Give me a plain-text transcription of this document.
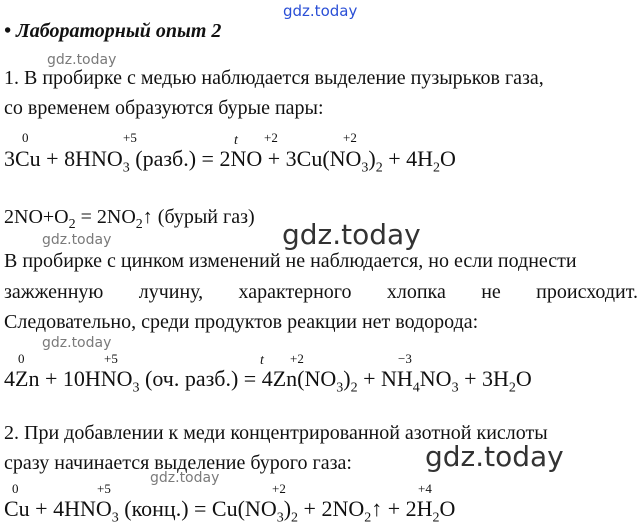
gdz.today
gdz.today
gdz.today
gdz.today
gdz.today
gdz.today
gdz.today
• Лабораторный опыт 2
1. В пробирке с медью наблюдается выделение пузырьков газа,
со временем образуются бурые пары:
0	+5	t +2	+2
$3Cu + 8HNO_3$ (разб.) = $2NO + 3Cu(NO_3)_2 + 4H_2O$
$2NO+O_2$ = $2NO_2↑$ (бурый газ)
В пробирке с цинком изменений не наблюдается, но если поднести
зажженную лучину, характерного хлопка не происходит.
Следовательно, среди продуктов реакции нет водорода:
0	+5	t +2	−3
$4Zn + 10HNO_3$ (оч. разб.) = $4Zn(NO_3)_2 + NH_4NO_3 + 3H_2O$
2. При добавлении к меди концентрированной азотной кислоты
сразу начинается выделение бурого газа:
0	+5	+2	+4
$Cu + 4HNO_3$ (конц.) = $Cu(NO_3)_2$ + $2NO_2↑ + 2H_2O$
